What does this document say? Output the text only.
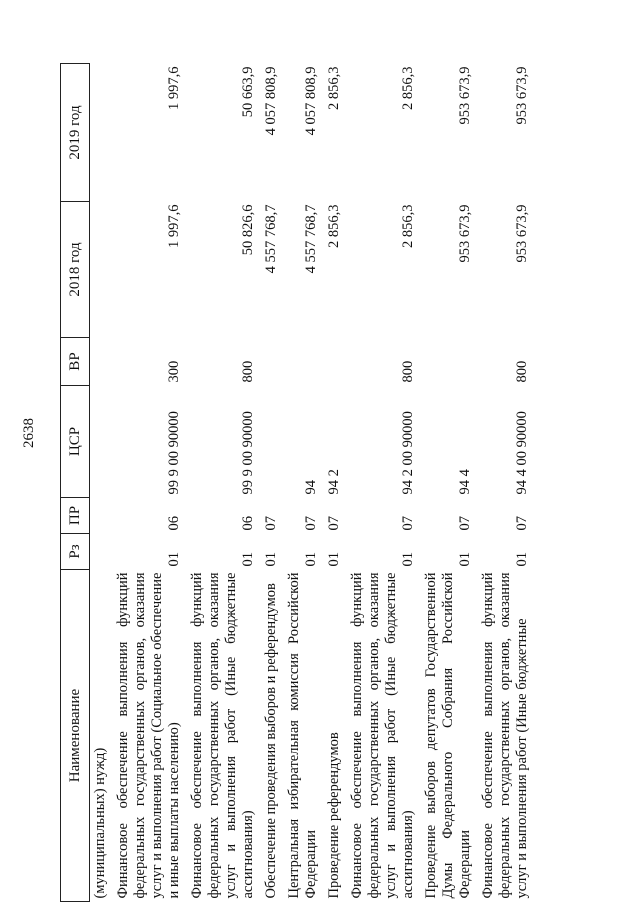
2638
Наименование	Рз	ПР	ЦСР	ВР	2018 год	2019 год
(муниципальных) нужд)						
Финансовое обеспечение выполнения функций федеральных государственных органов, оказания услуг и выполнения работ (Социальное обеспечение и иные выплаты населению)	01	06	99 9 00 90000	300	1 997,6	1 997,6
Финансовое обеспечение выполнения функций федеральных государственных органов, оказания услуг и выполнения работ (Иные бюджетные ассигнования)	01	06	99 9 00 90000	800	50 826,6	50 663,9
Обеспечение проведения выборов и референдумов	01	07			4 557 768,7	4 057 808,9
Центральная избирательная комиссия Российской Федерации	01	07	94		4 557 768,7	4 057 808,9
Проведение референдумов	01	07	94 2		2 856,3	2 856,3
Финансовое обеспечение выполнения функций федеральных государственных органов, оказания услуг и выполнения работ (Иные бюджетные ассигнования)	01	07	94 2 00 90000	800	2 856,3	2 856,3
Проведение выборов депутатов Государственной Думы Федерального Собрания Российской Федерации	01	07	94 4		953 673,9	953 673,9
Финансовое обеспечение выполнения функций федеральных государственных органов, оказания услуг и выполнения работ (Иные бюджетные	01	07	94 4 00 90000	800	953 673,9	953 673,9
